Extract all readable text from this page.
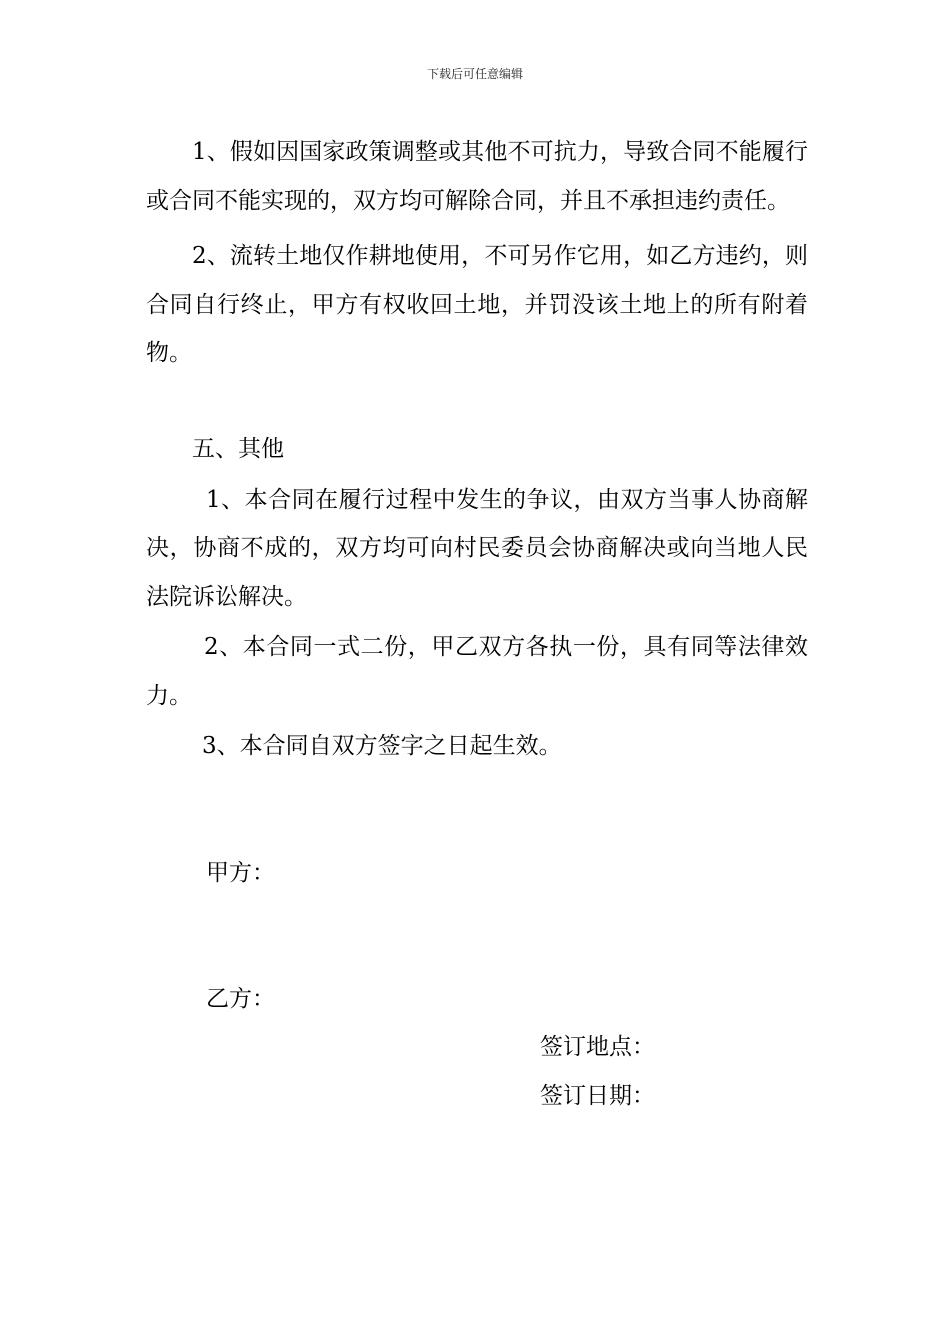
下载后可任意编辑

1、假如因国家政策调整或其他不可抗力，导致合同不能履行或合同不能实现的，双方均可解除合同，并且不承担违约责任。

2、流转土地仅作耕地使用，不可另作它用，如乙方违约，则合同自行终止，甲方有权收回土地，并罚没该土地上的所有附着物。

五、其他

1、本合同在履行过程中发生的争议，由双方当事人协商解决，协商不成的，双方均可向村民委员会协商解决或向当地人民法院诉讼解决。

2、本合同一式二份，甲乙双方各执一份，具有同等法律效力。

3、本合同自双方签字之日起生效。

甲方：
乙方：
签订地点：
签订日期：
